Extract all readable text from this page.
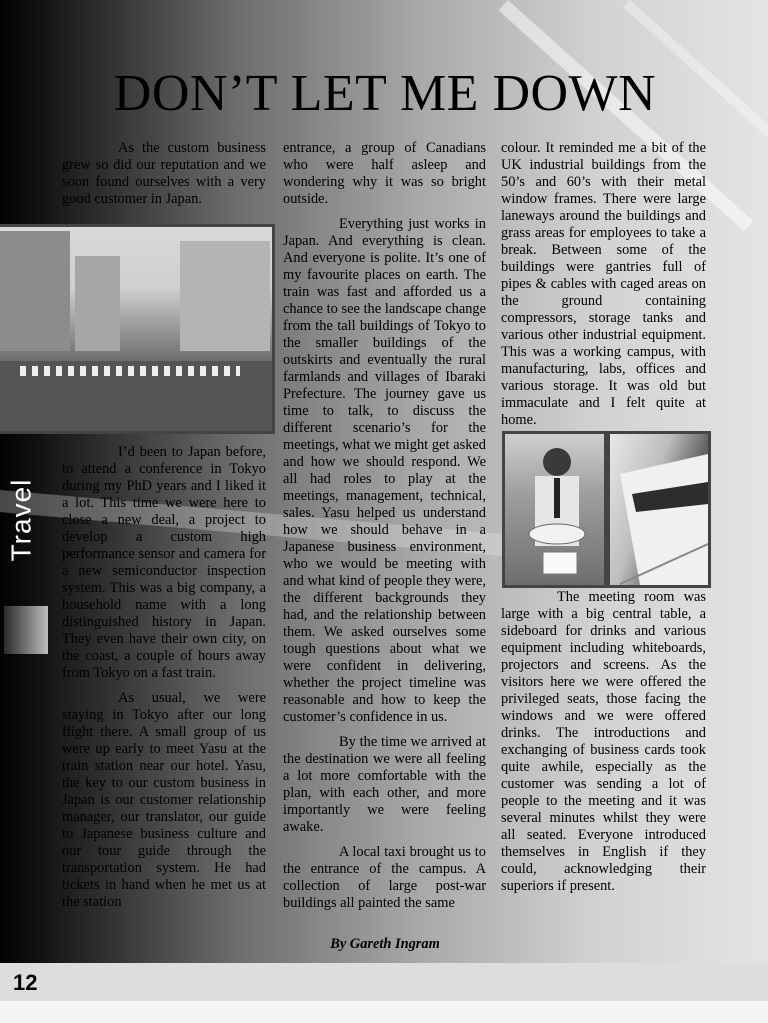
DON’T LET ME DOWN

As the custom business grew so did our reputation and we soon found ourselves with a very good customer in Japan.

I’d been to Japan before, to attend a conference in Tokyo during my PhD years and I liked it a lot. This time we were here to close a new deal, a project to develop a custom high performance sensor and camera for a new semiconductor inspection system. This was a big company, a household name with a long distinguished history in Japan. They even have their own city, on the coast, a couple of hours away from Tokyo on a fast train.

As usual, we were staying in Tokyo after our long flight there. A small group of us were up early to meet Yasu at the train station near our hotel. Yasu, the key to our custom business in Japan is our customer relationship manager, our translator, our guide to Japanese business culture and our tour guide through the transportation system. He had tickets in hand when he met us at the station

entrance, a group of Canadians who were half asleep and wondering why it was so bright outside.

Everything just works in Japan. And everything is clean. And everyone is polite. It’s one of my favourite places on earth. The train was fast and afforded us a chance to see the landscape change from the tall buildings of Tokyo to the smaller buildings of the outskirts and eventually the rural farmlands and villages of Ibaraki Prefecture. The journey gave us time to talk, to discuss the different scenario’s for the meetings, what we might get asked and how we should respond. We all had roles to play at the meetings, management, technical, sales. Yasu helped us understand how we should behave in a Japanese business environment, who we would be meeting with and what kind of people they were, the different backgrounds they had, and the relationship between them. We asked ourselves some tough questions about what we were confident in delivering, whether the project timeline was reasonable and how to keep the customer’s confidence in us.

By the time we arrived at the destination we were all feeling a lot more comfortable with the plan, with each other, and more importantly we were feeling awake.

A local taxi brought us to the entrance of the campus. A collection of large post-war buildings all painted the same

colour. It reminded me a bit of the UK industrial buildings from the 50’s and 60’s with their metal window frames. There were large laneways around the buildings and grass areas for employees to take a break. Between some of the buildings were gantries full of pipes & cables with caged areas on the ground containing compressors, storage tanks and various other industrial equipment. This was a working campus, with manufacturing, labs, offices and various storage. It was old but immaculate and I felt quite at home.

The meeting room was large with a big central table, a sideboard for drinks and various equipment including whiteboards, projectors and screens. As the visitors here we were offered the privileged seats, those facing the windows and we were offered drinks. The introductions and exchanging of business cards took quite awhile, especially as the customer was sending a lot of people to the meeting and it was several minutes whilst they were all seated. Everyone introduced themselves in English if they could, acknowledging their superiors if present.

Travel
By Gareth Ingram
12
